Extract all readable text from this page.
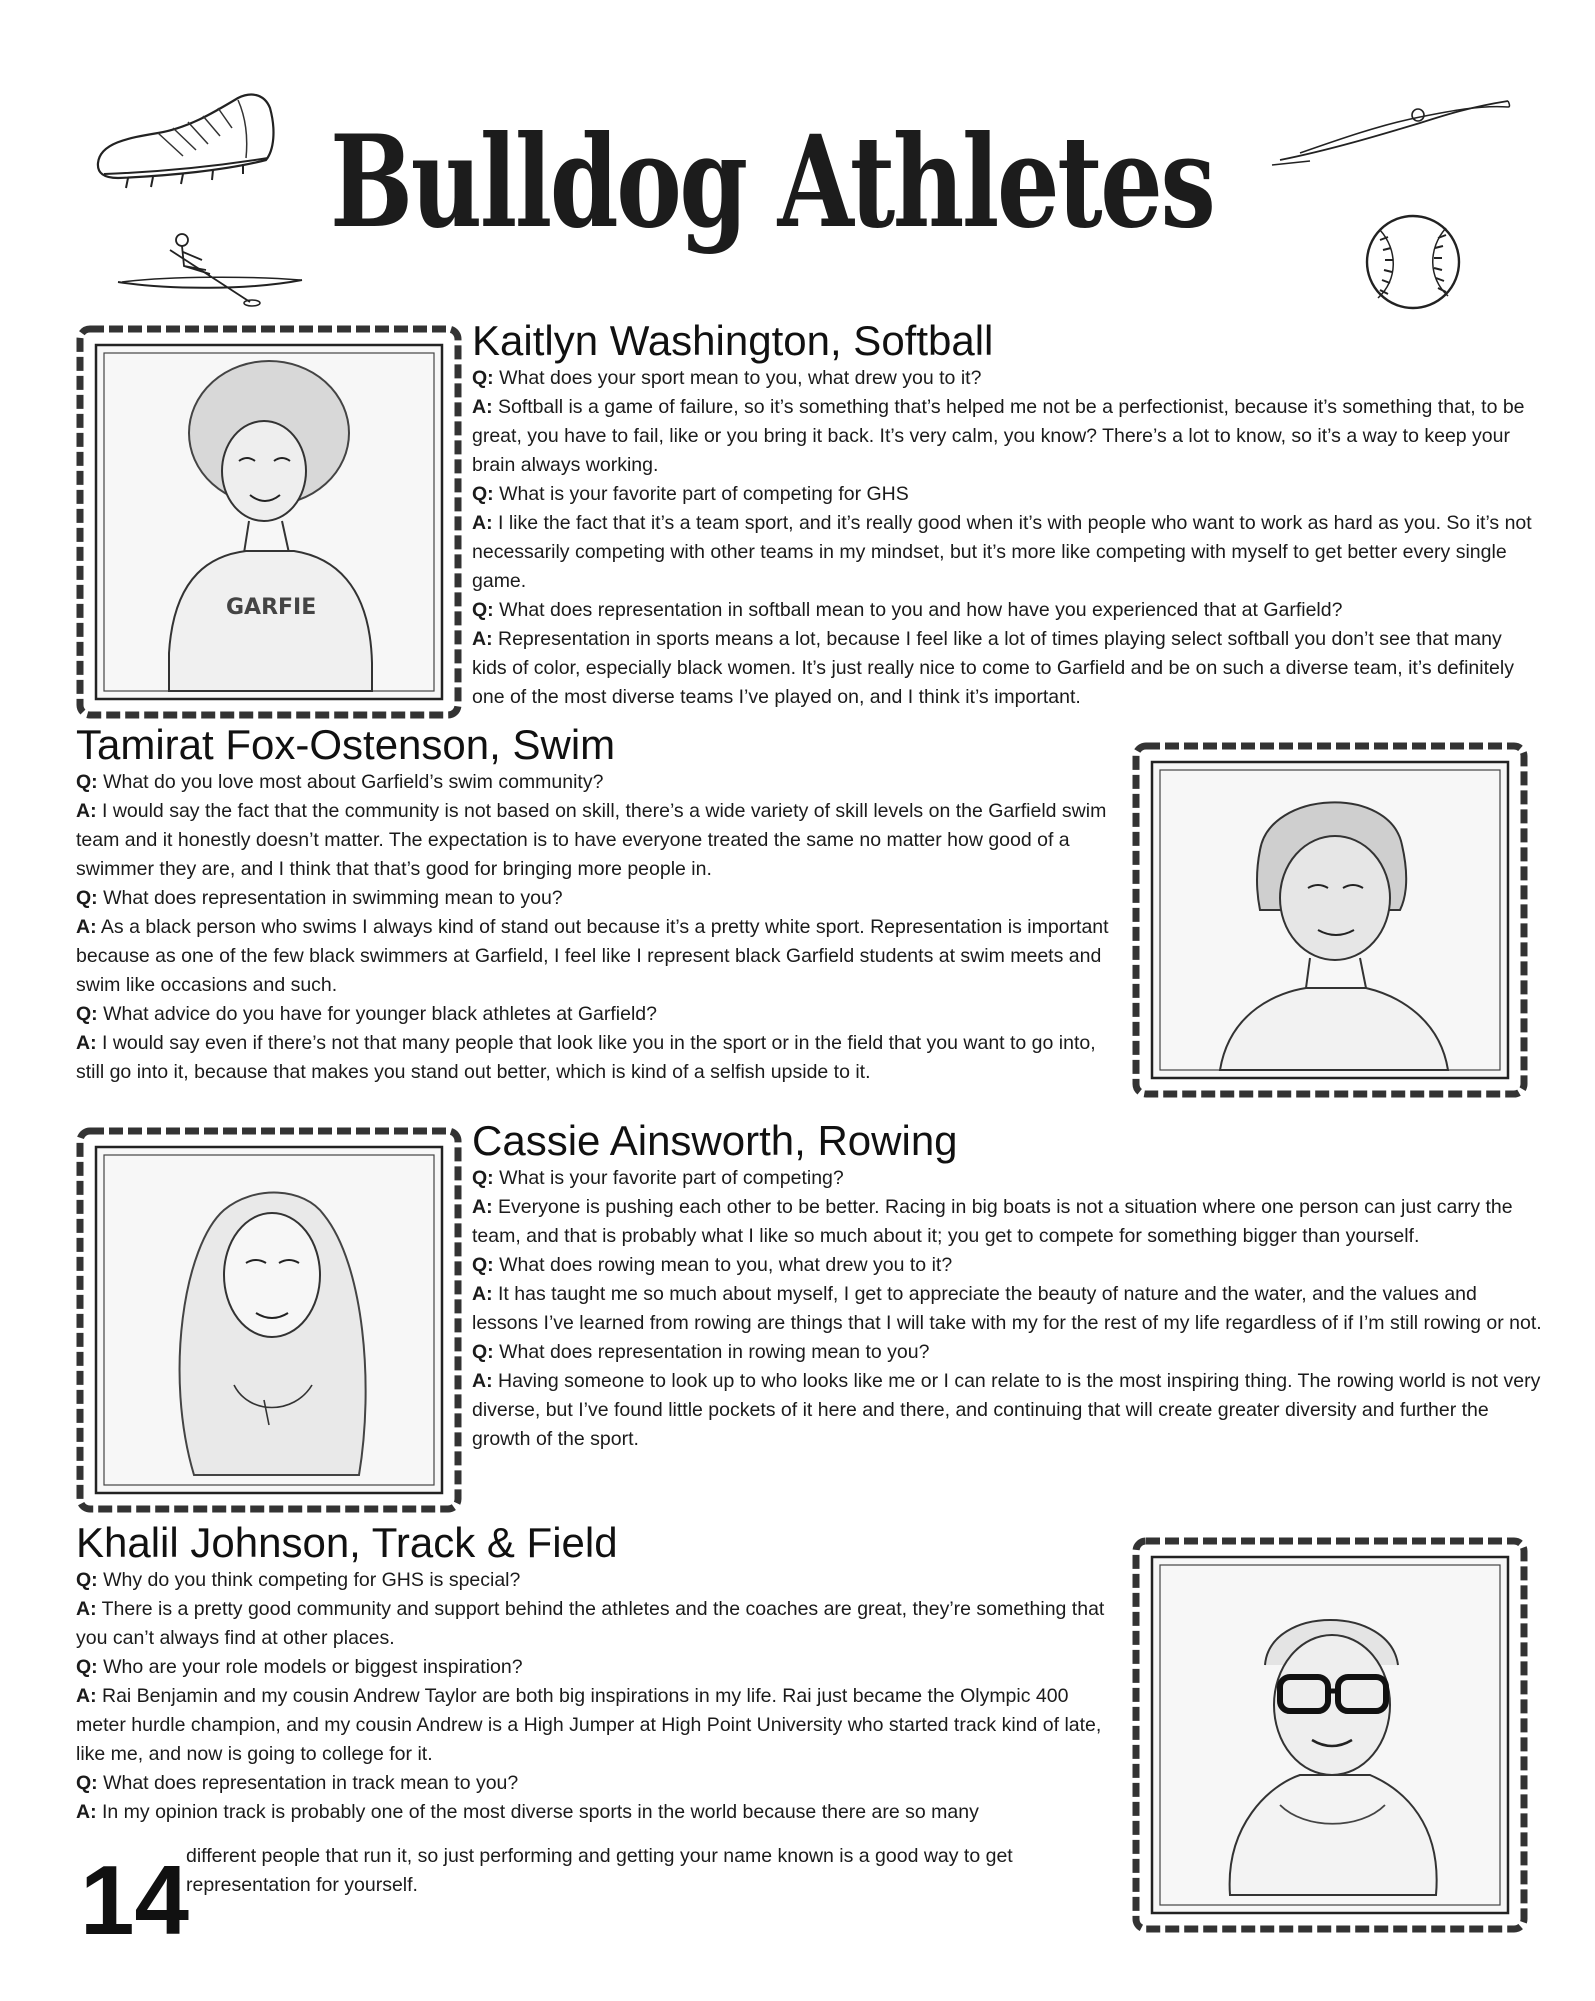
Bulldog Athletes
GARFIE
Kaitlyn Washington, Softball
Q: What does your sport mean to you, what drew you to it?
A: Softball is a game of failure, so it’s something that’s helped me not be a perfectionist, because it’s something that, to be great, you have to fail, like or you bring it back. It’s very calm, you know? There’s a lot to know, so it’s a way to keep your brain always working.
Q: What is your favorite part of competing for GHS
A: I like the fact that it’s a team sport, and it’s really good when it’s with people who want to work as hard as you. So it’s not necessarily competing with other teams in my mindset, but it’s more like competing with myself to get better every single game.
Q: What does representation in softball mean to you and how have you experienced that at Garfield?
A: Representation in sports means a lot, because I feel like a lot of times playing select softball you don’t see that many kids of color, especially black women. It’s just really nice to come to Garfield and be on such a diverse team, it’s definitely one of the most diverse teams I’ve played on, and I think it’s important.
Tamirat Fox-Ostenson, Swim
Q: What do you love most about Garfield’s swim community?
A: I would say the fact that the community is not based on skill, there’s a wide variety of skill levels on the Garfield swim team and it honestly doesn’t matter. The expectation is to have everyone treated the same no matter how good of a swimmer they are, and I think that that’s good for bringing more people in.
Q: What does representation in swimming mean to you?
A: As a black person who swims I always kind of stand out because it’s a pretty white sport. Representation is important because as one of the few black swimmers at Garfield, I feel like I represent black Garfield students at swim meets and swim like occasions and such.
Q: What advice do you have for younger black athletes at Garfield?
A: I would say even if there’s not that many people that look like you in the sport or in the field that you want to go into, still go into it, because that makes you stand out better, which is kind of a selfish upside to it.
Cassie Ainsworth, Rowing
Q: What is your favorite part of competing?
A: Everyone is pushing each other to be better. Racing in big boats is not a situation where one person can just carry the team, and that is probably what I like so much about it; you get to compete for something bigger than yourself.
Q: What does rowing mean to you, what drew you to it?
A: It has taught me so much about myself, I get to appreciate the beauty of nature and the water, and the values and lessons I’ve learned from rowing are things that I will take with my for the rest of my life regardless of if I’m still rowing or not.
Q: What does representation in rowing mean to you?
A: Having someone to look up to who looks like me or I can relate to is the most inspiring thing. The rowing world is not very diverse, but I’ve found little pockets of it here and there, and continuing that will create greater diversity and further the growth of the sport.
Khalil Johnson, Track & Field
Q: Why do you think competing for GHS is special?
A: There is a pretty good community and support behind the athletes and the coaches are great, they’re something that you can’t always find at other places.
Q: Who are your role models or biggest inspiration?
A: Rai Benjamin and my cousin Andrew Taylor are both big inspirations in my life. Rai just became the Olympic 400 meter hurdle champion, and my cousin Andrew is a High Jumper at High Point University who started track kind of late, like me, and now is going to college for it.
Q: What does representation in track mean to you?
A: In my opinion track is probably one of the most diverse sports in the world because there are so many
different people that run it, so just performing and getting your name known is a good way to get representation for yourself.
14
